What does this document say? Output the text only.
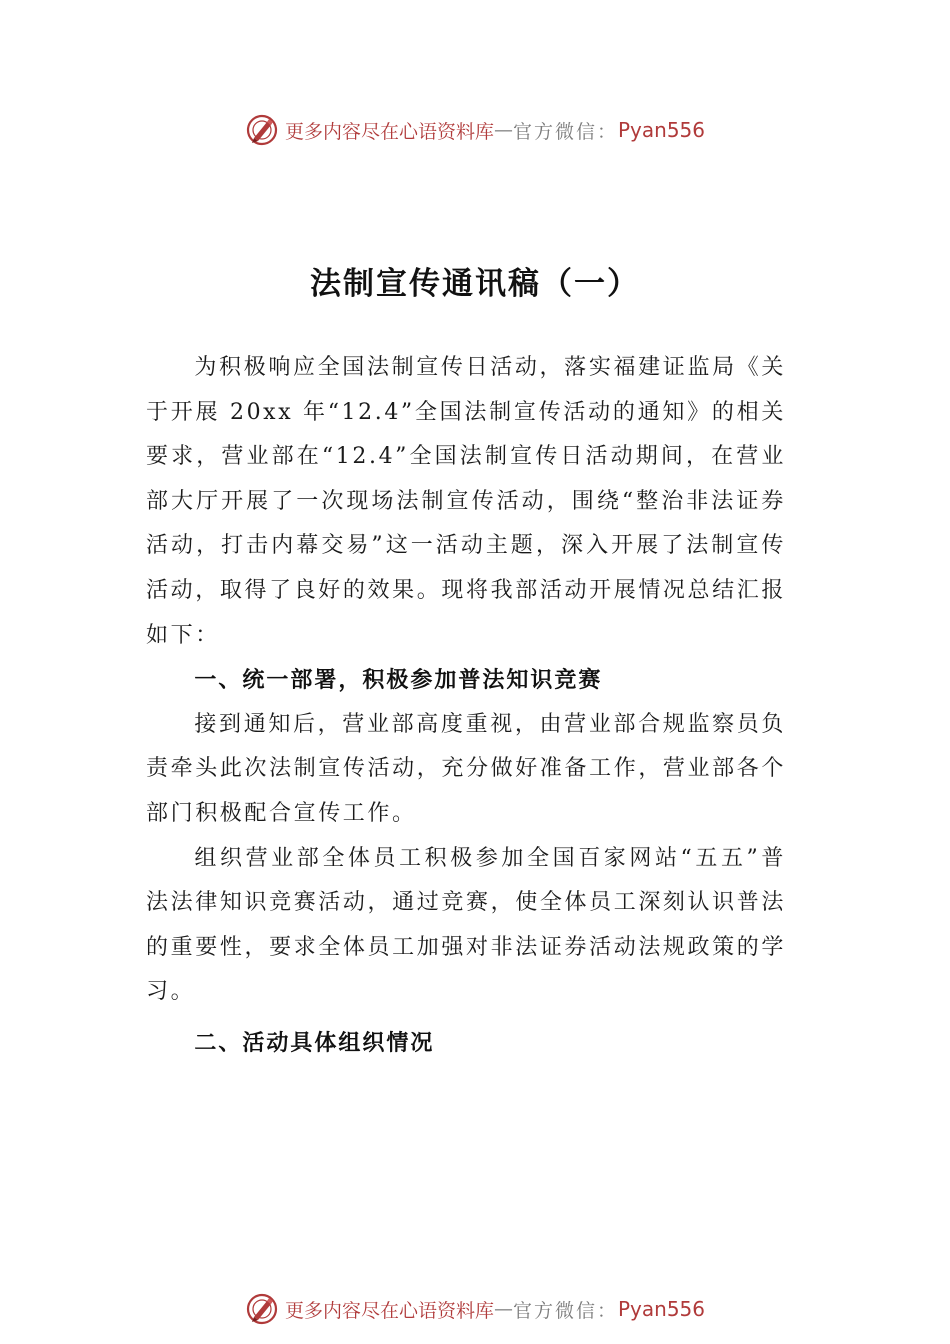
更多内容尽在心语资料库 — 官方微信： Pyan556
法制宣传通讯稿（一）

为积极响应全国法制宣传日活动，落实福建证监局《关于开展 20xx 年“12.4”全国法制宣传活动的通知》的相关要求，营业部在“12.4”全国法制宣传日活动期间，在营业部大厅开展了一次现场法制宣传活动，围绕“整治非法证券活动，打击内幕交易”这一活动主题，深入开展了法制宣传活动，取得了良好的效果。现将我部活动开展情况总结汇报如下：

一、统一部署，积极参加普法知识竞赛

接到通知后，营业部高度重视，由营业部合规监察员负责牵头此次法制宣传活动，充分做好准备工作，营业部各个部门积极配合宣传工作。

组织营业部全体员工积极参加全国百家网站“五五”普法法律知识竞赛活动，通过竞赛，使全体员工深刻认识普法的重要性，要求全体员工加强对非法证券活动法规政策的学习。

二、活动具体组织情况

更多内容尽在心语资料库 — 官方微信： Pyan556
